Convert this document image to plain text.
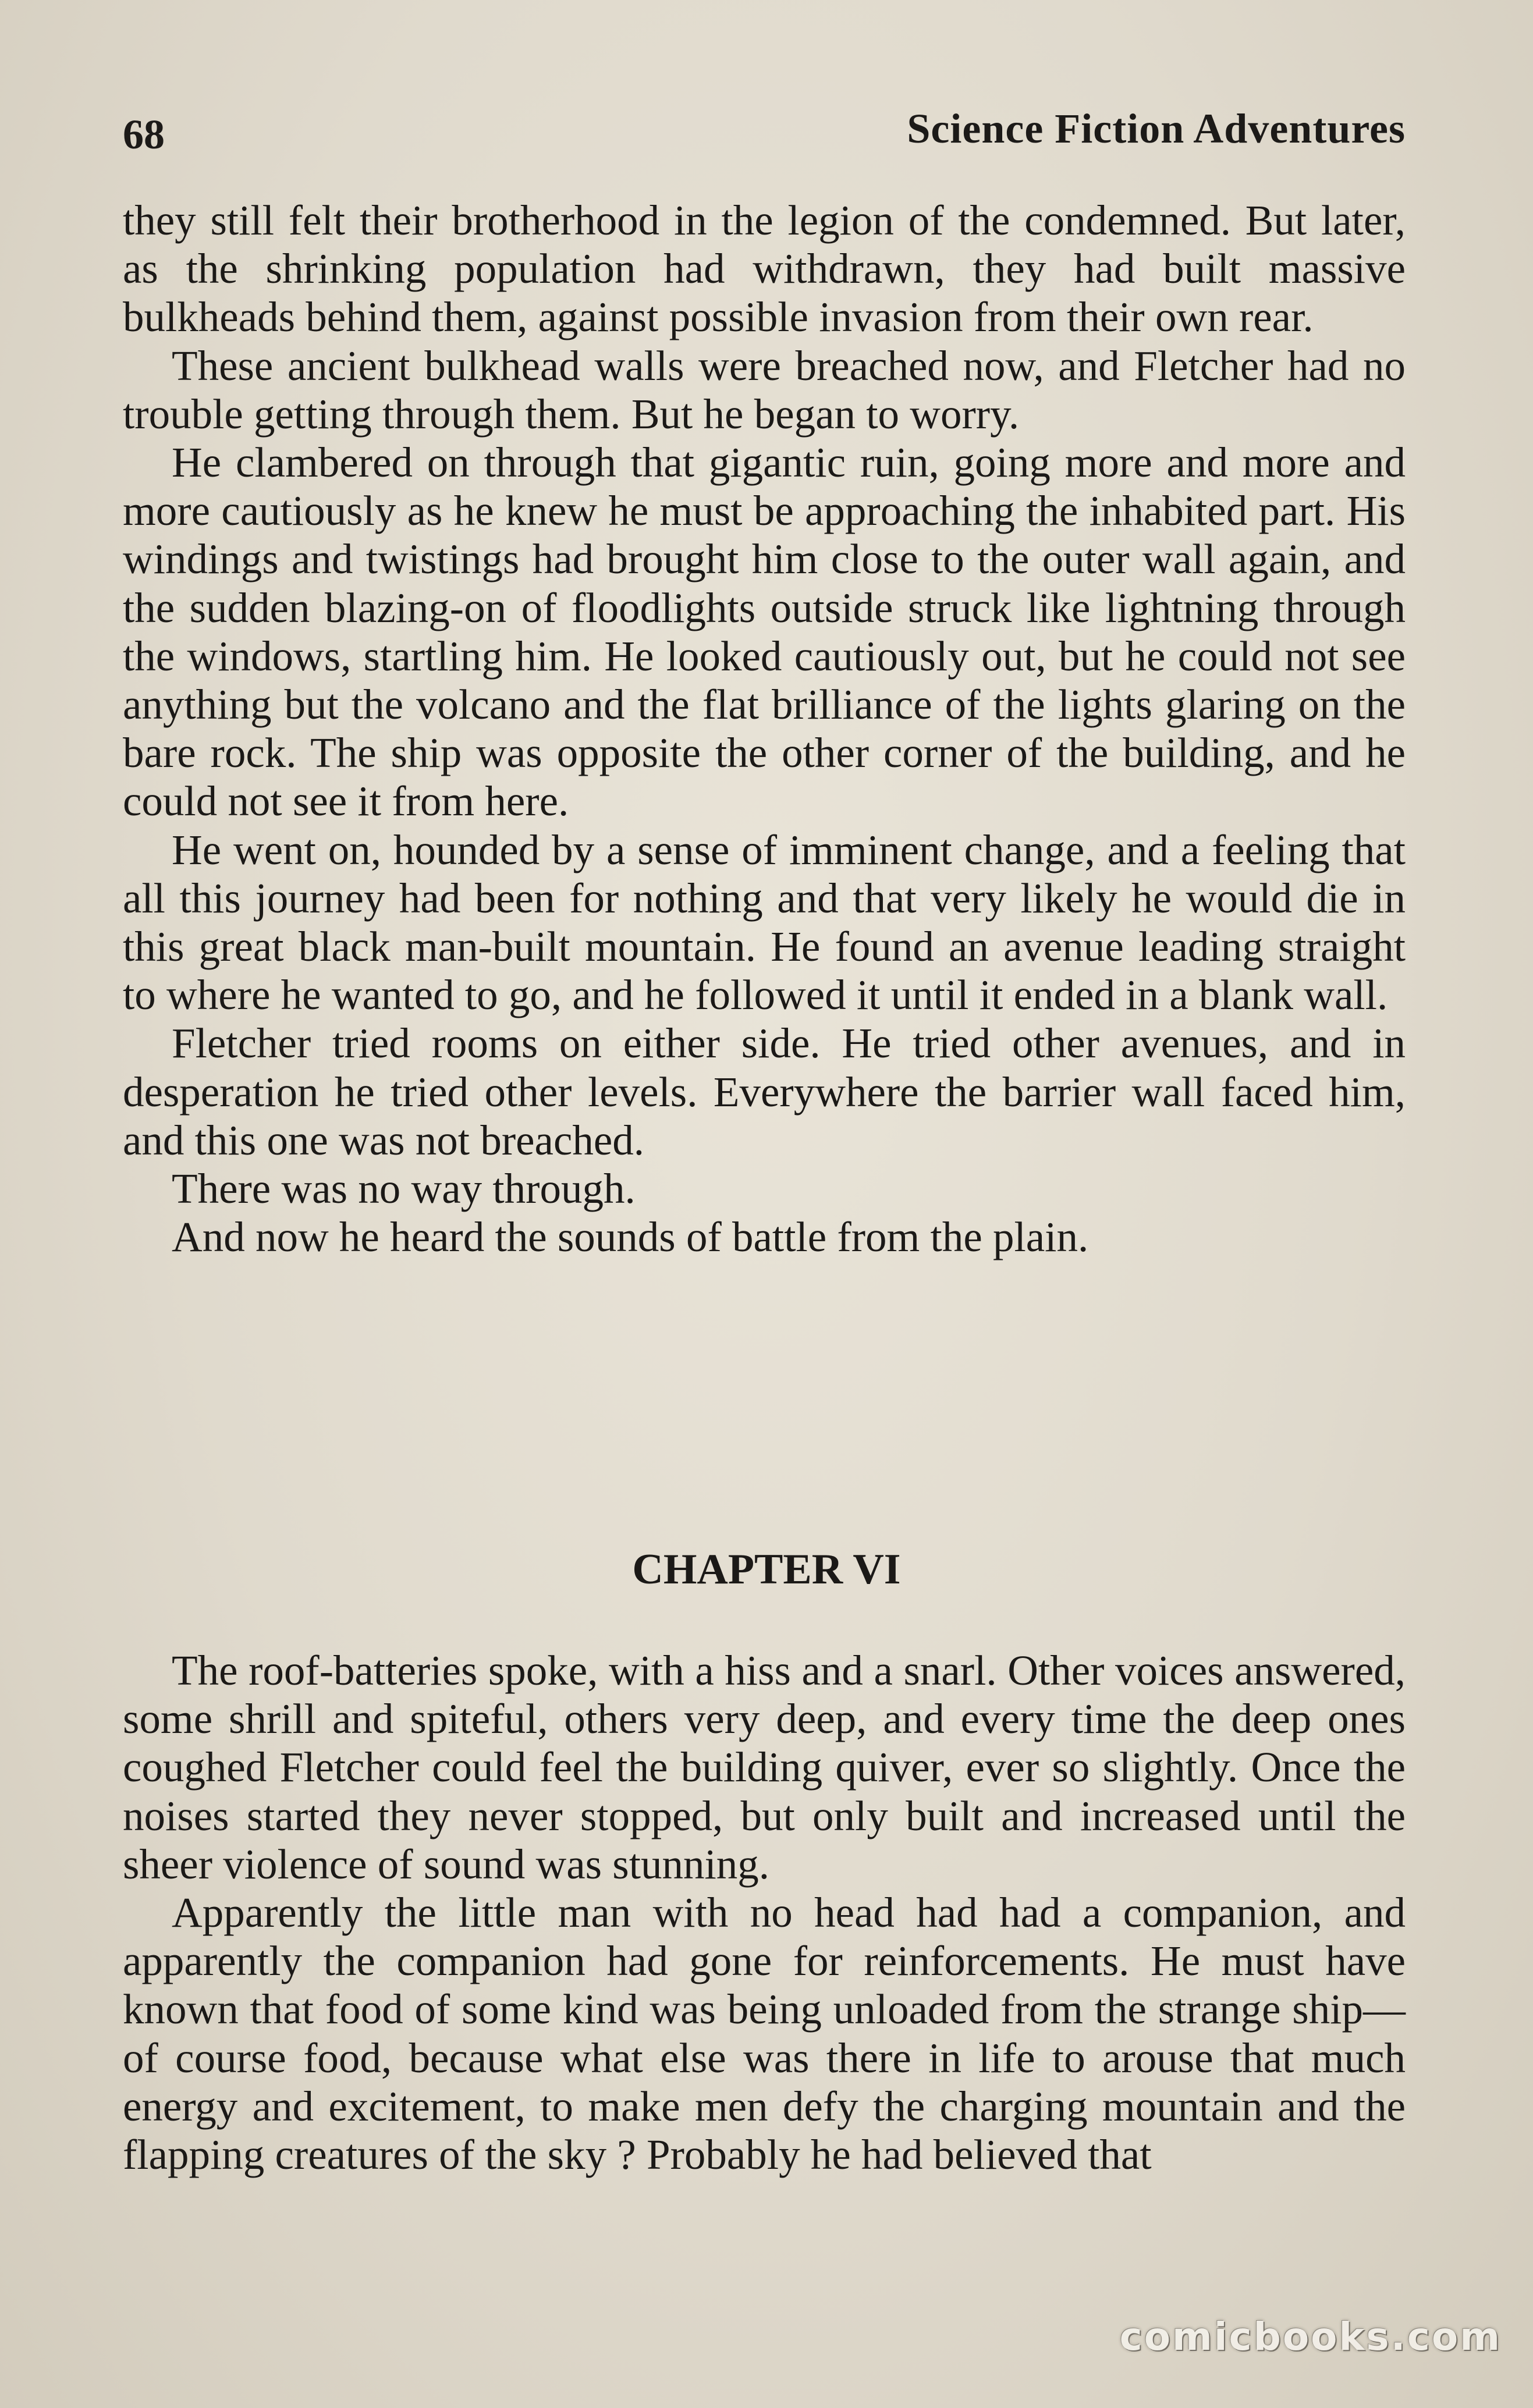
68	Science Fiction Adventures

they still felt their brotherhood in the legion of the condemned. But later, as the shrinking population had withdrawn, they had built massive bulkheads behind them, against possible invasion from their own rear.

These ancient bulkhead walls were breached now, and Fletcher had no trouble getting through them. But he began to worry.

He clambered on through that gigantic ruin, going more and more and more cautiously as he knew he must be approaching the inhabited part. His windings and twistings had brought him close to the outer wall again, and the sudden blazing-on of floodlights outside struck like lightning through the windows, startling him. He looked cautiously out, but he could not see anything but the volcano and the flat brilliance of the lights glaring on the bare rock. The ship was opposite the other corner of the building, and he could not see it from here.

He went on, hounded by a sense of imminent change, and a feeling that all this journey had been for nothing and that very likely he would die in this great black man-built mountain. He found an avenue leading straight to where he wanted to go, and he followed it until it ended in a blank wall.

Fletcher tried rooms on either side. He tried other avenues, and in desperation he tried other levels. Everywhere the barrier wall faced him, and this one was not breached.

There was no way through.

And now he heard the sounds of battle from the plain.

CHAPTER VI

The roof-batteries spoke, with a hiss and a snarl. Other voices answered, some shrill and spiteful, others very deep, and every time the deep ones coughed Fletcher could feel the building quiver, ever so slightly. Once the noises started they never stopped, but only built and increased until the sheer violence of sound was stunning.

Apparently the little man with no head had had a companion, and apparently the companion had gone for reinforcements. He must have known that food of some kind was being unloaded from the strange ship—of course food, because what else was there in life to arouse that much energy and excitement, to make men defy the charging mountain and the flapping creatures of the sky ? Probably he had believed that

comicbooks.com
